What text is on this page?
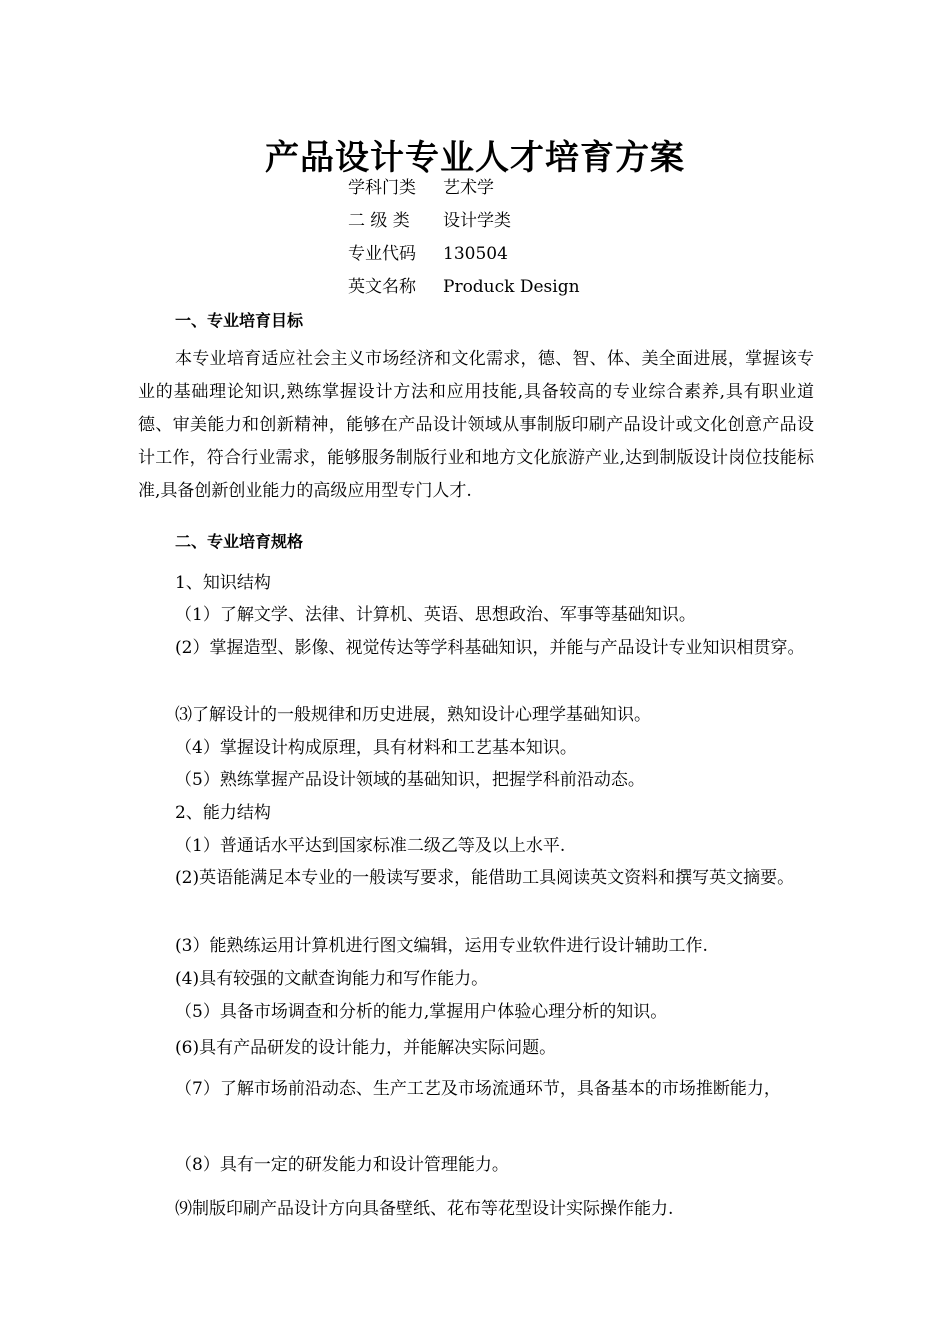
产品设计专业人才培育方案
学科门类 艺术学
二 级 类 设计学类
专业代码 130504
英文名称 Produck Design
一、专业培育目标
本专业培育适应社会主义市场经济和文化需求，德、智、体、美全面进展，掌握该专业的基础理论知识,熟练掌握设计方法和应用技能,具备较高的专业综合素养,具有职业道德、审美能力和创新精神，能够在产品设计领域从事制版印刷产品设计或文化创意产品设计工作，符合行业需求，能够服务制版行业和地方文化旅游产业,达到制版设计岗位技能标准,具备创新创业能力的高级应用型专门人才.
二、专业培育规格
1、知识结构
（1）了解文学、法律、计算机、英语、思想政治、军事等基础知识。
(2）掌握造型、影像、视觉传达等学科基础知识，并能与产品设计专业知识相贯穿。
⑶了解设计的一般规律和历史进展，熟知设计心理学基础知识。
（4）掌握设计构成原理，具有材料和工艺基本知识。
（5）熟练掌握产品设计领域的基础知识，把握学科前沿动态。
2、能力结构
（1）普通话水平达到国家标准二级乙等及以上水平.
(2)英语能满足本专业的一般读写要求，能借助工具阅读英文资料和撰写英文摘要。
(3）能熟练运用计算机进行图文编辑，运用专业软件进行设计辅助工作.
(4)具有较强的文献查询能力和写作能力。
（5）具备市场调查和分析的能力,掌握用户体验心理分析的知识。
(6)具有产品研发的设计能力，并能解决实际问题。
（7）了解市场前沿动态、生产工艺及市场流通环节，具备基本的市场推断能力，
（8）具有一定的研发能力和设计管理能力。
⑼制版印刷产品设计方向具备壁纸、花布等花型设计实际操作能力.
